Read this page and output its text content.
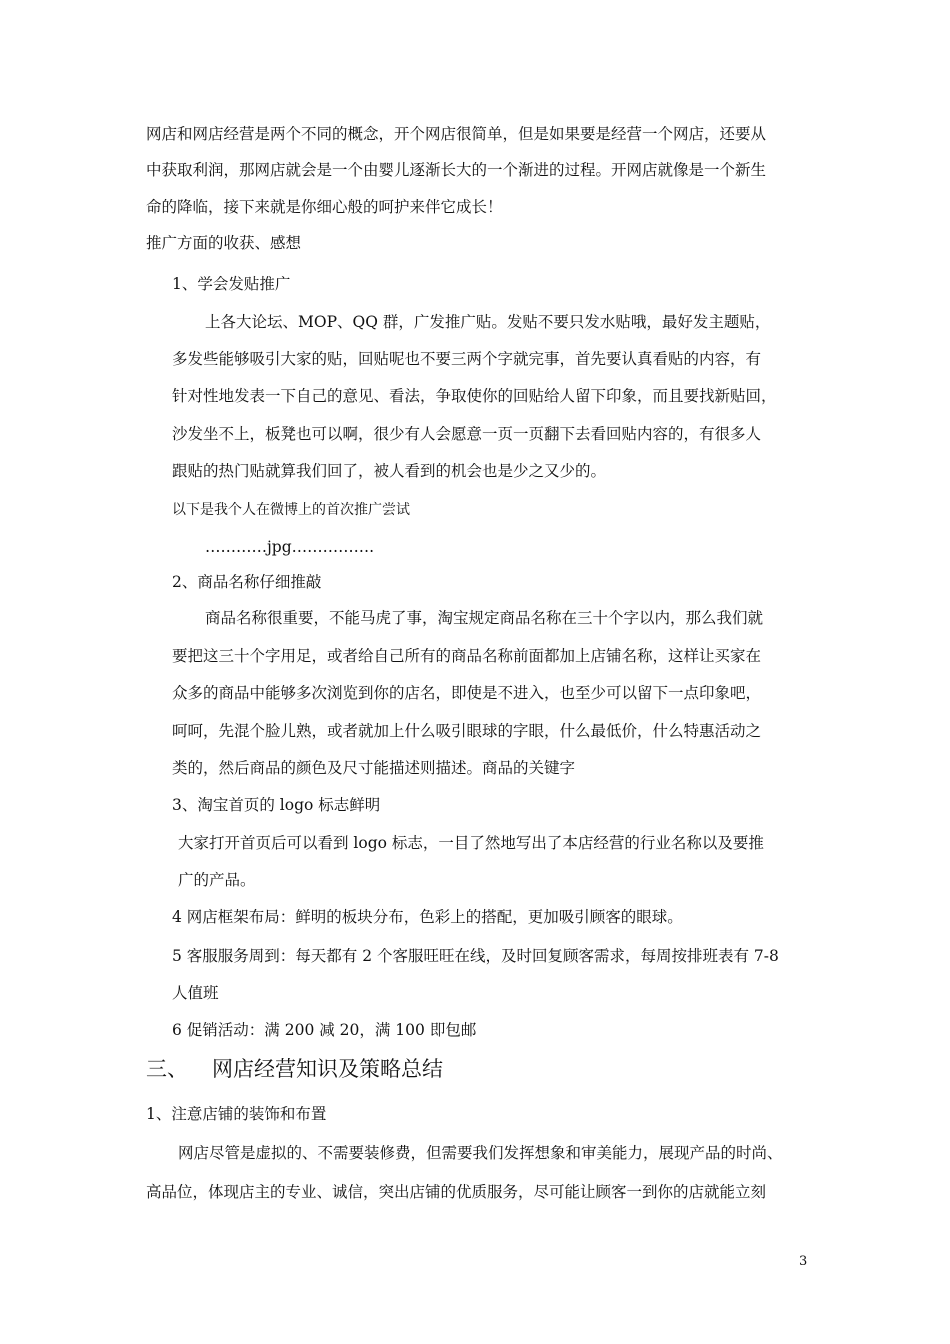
网店和网店经营是两个不同的概念，开个网店很简单，但是如果要是经营一个网店，还要从
中获取利润，那网店就会是一个由婴儿逐渐长大的一个渐进的过程。开网店就像是一个新生
命的降临，接下来就是你细心般的呵护来伴它成长！
推广方面的收获、感想
1、学会发贴推广
上各大论坛、MOP、QQ 群，广发推广贴。发贴不要只发水贴哦，最好发主题贴，
多发些能够吸引大家的贴，回贴呢也不要三两个字就完事，首先要认真看贴的内容，有
针对性地发表一下自己的意见、看法，争取使你的回贴给人留下印象，而且要找新贴回，
沙发坐不上，板凳也可以啊，很少有人会愿意一页一页翻下去看回贴内容的，有很多人
跟贴的热门贴就算我们回了，被人看到的机会也是少之又少的。
以下是我个人在微博上的首次推广尝试
…………jpg…………….
2、商品名称仔细推敲
商品名称很重要，不能马虎了事，淘宝规定商品名称在三十个字以内，那么我们就
要把这三十个字用足，或者给自己所有的商品名称前面都加上店铺名称，这样让买家在
众多的商品中能够多次浏览到你的店名，即使是不进入，也至少可以留下一点印象吧，
呵呵，先混个脸儿熟，或者就加上什么吸引眼球的字眼，什么最低价，什么特惠活动之
类的，然后商品的颜色及尺寸能描述则描述。商品的关键字
3、淘宝首页的 logo 标志鲜明
大家打开首页后可以看到 logo 标志，一目了然地写出了本店经营的行业名称以及要推
广的产品。
4 网店框架布局：鲜明的板块分布，色彩上的搭配，更加吸引顾客的眼球。
5 客服服务周到：每天都有 2 个客服旺旺在线，及时回复顾客需求，每周按排班表有 7-8
人值班
6 促销活动：满 200 减 20，满 100 即包邮
三、 网店经营知识及策略总结
1、注意店铺的装饰和布置
网店尽管是虚拟的、不需要装修费，但需要我们发挥想象和审美能力，展现产品的时尚、
高品位，体现店主的专业、诚信，突出店铺的优质服务，尽可能让顾客一到你的店就能立刻
3
